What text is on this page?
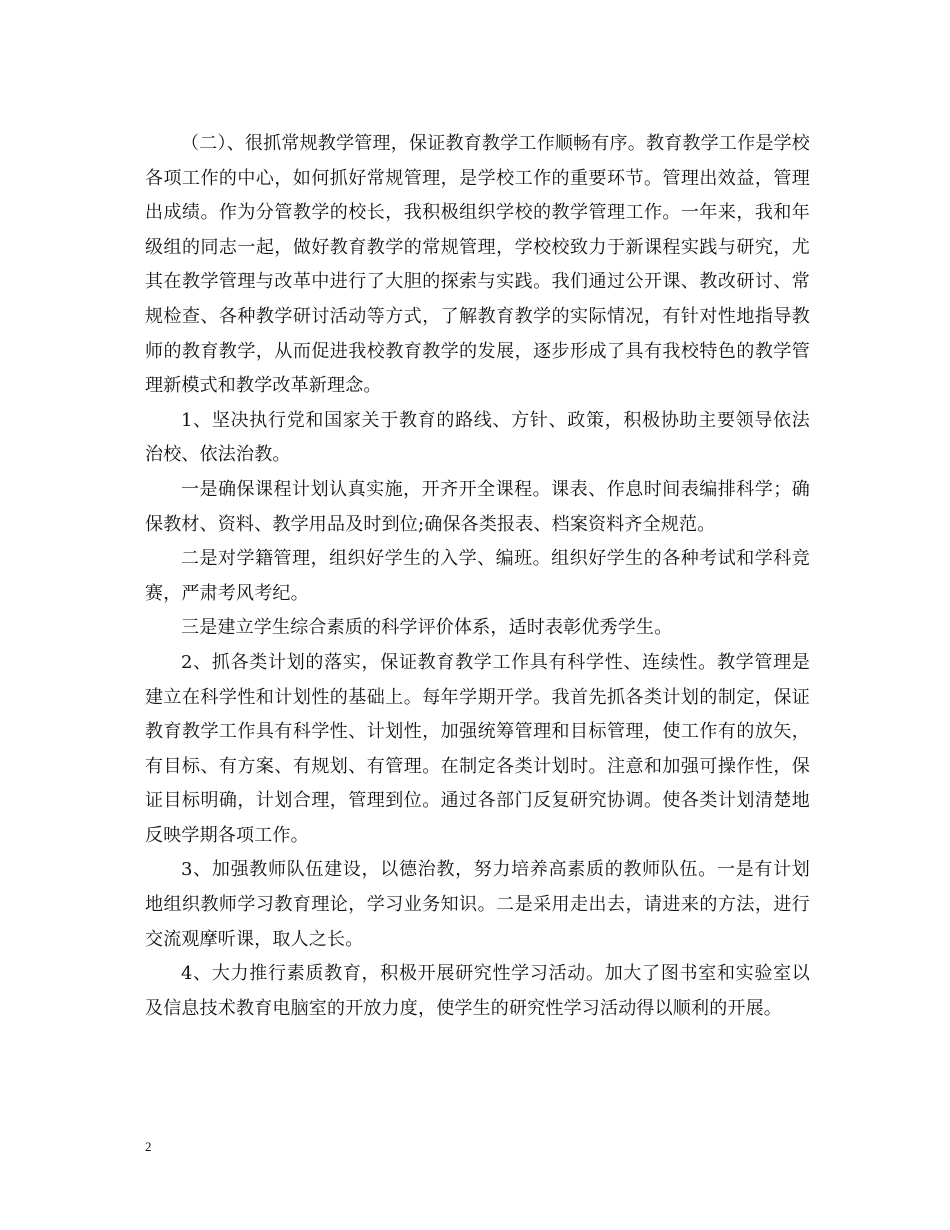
（二）、很抓常规教学管理，保证教育教学工作顺畅有序。教育教学工作是学校各项工作的中心，如何抓好常规管理，是学校工作的重要环节。管理出效益，管理出成绩。作为分管教学的校长，我积极组织学校的教学管理工作。一年来，我和年级组的同志一起，做好教育教学的常规管理，学校校致力于新课程实践与研究，尤其在教学管理与改革中进行了大胆的探索与实践。我们通过公开课、教改研讨、常规检查、各种教学研讨活动等方式，了解教育教学的实际情况，有针对性地指导教师的教育教学，从而促进我校教育教学的发展，逐步形成了具有我校特色的教学管理新模式和教学改革新理念。

1、坚决执行党和国家关于教育的路线、方针、政策，积极协助主要领导依法治校、依法治教。

一是确保课程计划认真实施，开齐开全课程。课表、作息时间表编排科学；确保教材、资料、教学用品及时到位;确保各类报表、档案资料齐全规范。

二是对学籍管理，组织好学生的入学、编班。组织好学生的各种考试和学科竞赛，严肃考风考纪。

三是建立学生综合素质的科学评价体系，适时表彰优秀学生。

2、抓各类计划的落实，保证教育教学工作具有科学性、连续性。教学管理是建立在科学性和计划性的基础上。每年学期开学。我首先抓各类计划的制定，保证教育教学工作具有科学性、计划性，加强统筹管理和目标管理，使工作有的放矢，有目标、有方案、有规划、有管理。在制定各类计划时。注意和加强可操作性，保证目标明确，计划合理，管理到位。通过各部门反复研究协调。使各类计划清楚地反映学期各项工作。

3、加强教师队伍建设，以德治教，努力培养高素质的教师队伍。一是有计划地组织教师学习教育理论，学习业务知识。二是采用走出去，请进来的方法，进行交流观摩听课，取人之长。

4、大力推行素质教育，积极开展研究性学习活动。加大了图书室和实验室以及信息技术教育电脑室的开放力度，使学生的研究性学习活动得以顺利的开展。

2
